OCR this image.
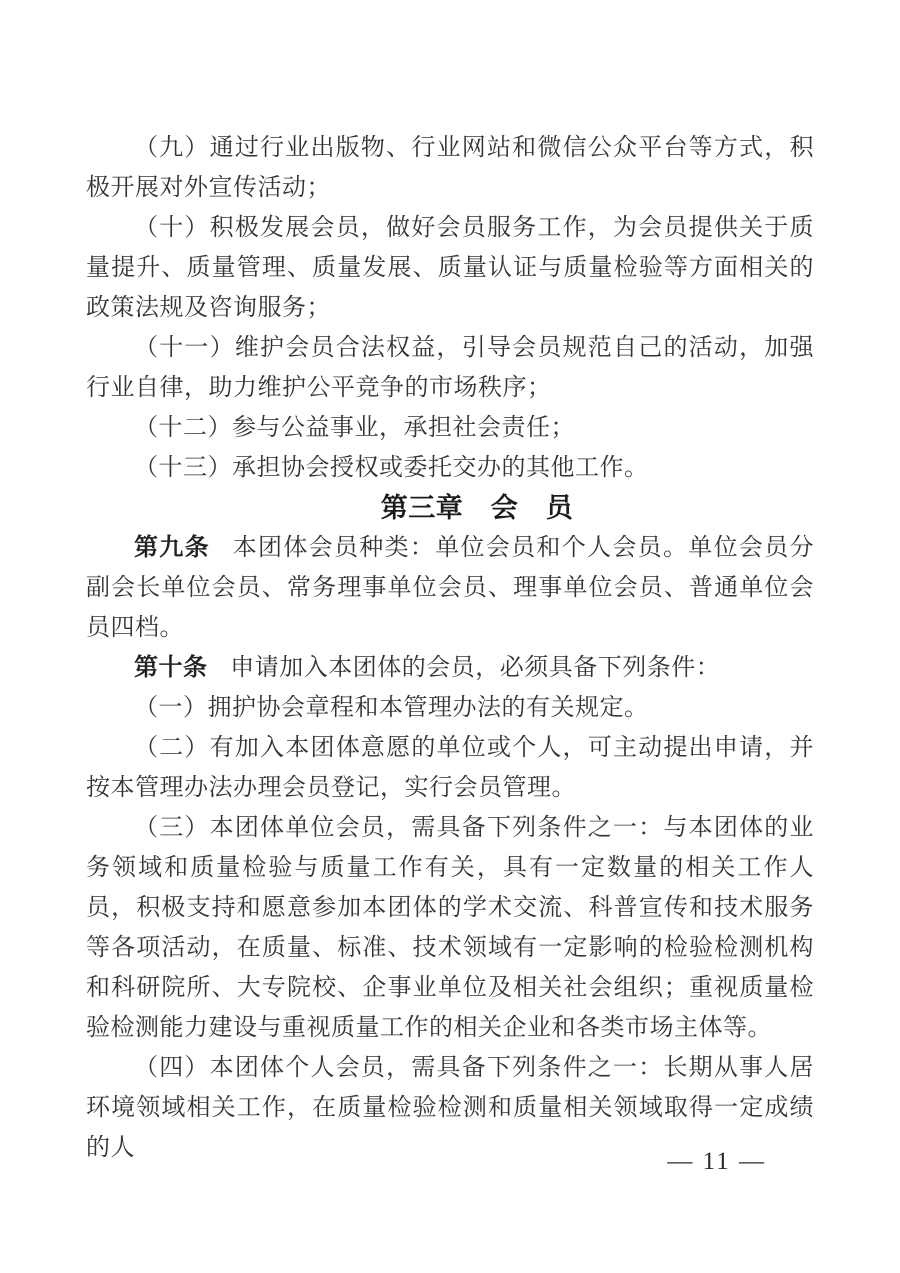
（九）通过行业出版物、行业网站和微信公众平台等方式，积极开展对外宣传活动；

（十）积极发展会员，做好会员服务工作，为会员提供关于质量提升、质量管理、质量发展、质量认证与质量检验等方面相关的政策法规及咨询服务；

（十一）维护会员合法权益，引导会员规范自己的活动，加强行业自律，助力维护公平竞争的市场秩序；

（十二）参与公益事业，承担社会责任；

（十三）承担协会授权或委托交办的其他工作。

第三章　会　员

第九条 本团体会员种类：单位会员和个人会员。单位会员分副会长单位会员、常务理事单位会员、理事单位会员、普通单位会员四档。

第十条 申请加入本团体的会员，必须具备下列条件：

（一）拥护协会章程和本管理办法的有关规定。

（二）有加入本团体意愿的单位或个人，可主动提出申请，并按本管理办法办理会员登记，实行会员管理。

（三）本团体单位会员，需具备下列条件之一：与本团体的业务领域和质量检验与质量工作有关，具有一定数量的相关工作人员，积极支持和愿意参加本团体的学术交流、科普宣传和技术服务等各项活动，在质量、标准、技术领域有一定影响的检验检测机构和科研院所、大专院校、企事业单位及相关社会组织；重视质量检验检测能力建设与重视质量工作的相关企业和各类市场主体等。

（四）本团体个人会员，需具备下列条件之一：长期从事人居环境领域相关工作，在质量检验检测和质量相关领域取得一定成绩的人	— 11 —
